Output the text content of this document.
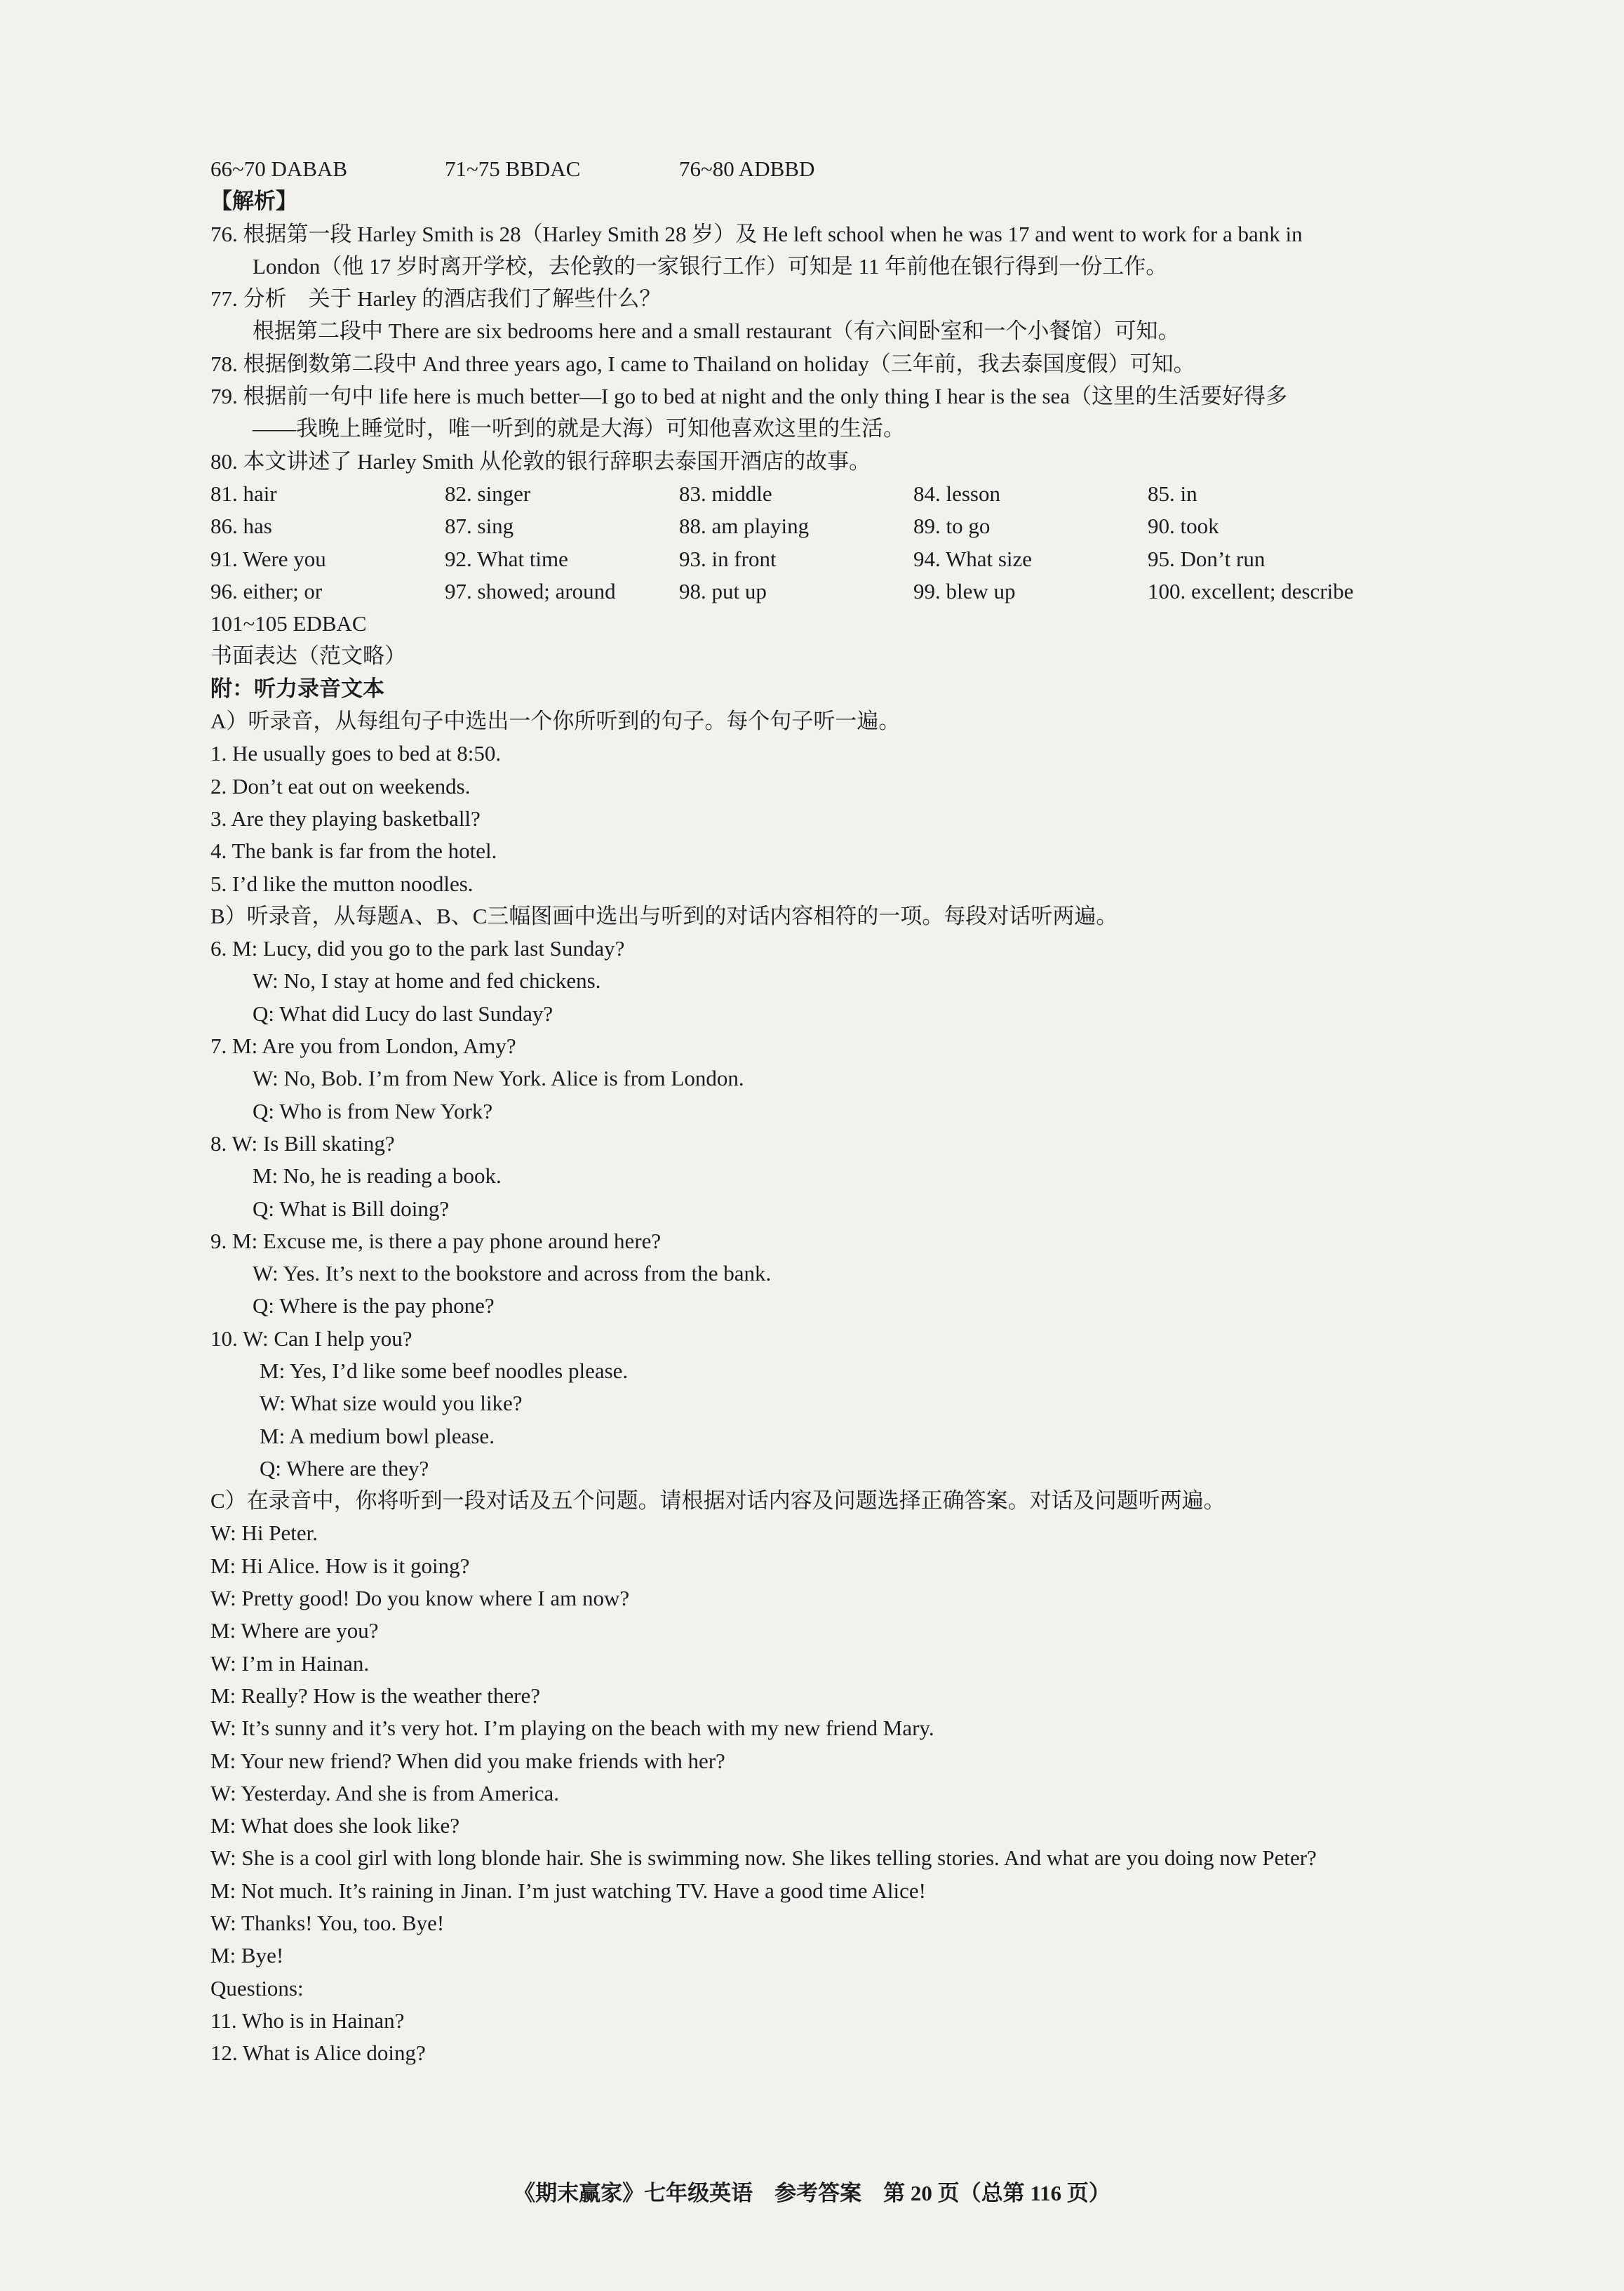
66~70 DABAB	71~75 BBDAC	76~80 ADBBD
【解析】
76. 根据第一段 Harley Smith is 28（Harley Smith 28 岁）及 He left school when he was 17 and went to work for a bank in
London（他 17 岁时离开学校，去伦敦的一家银行工作）可知是 11 年前他在银行得到一份工作。
77. 分析　关于 Harley 的酒店我们了解些什么？
根据第二段中 There are six bedrooms here and a small restaurant（有六间卧室和一个小餐馆）可知。
78. 根据倒数第二段中 And three years ago, I came to Thailand on holiday（三年前，我去泰国度假）可知。
79. 根据前一句中 life here is much better—I go to bed at night and the only thing I hear is the sea（这里的生活要好得多
——我晚上睡觉时，唯一听到的就是大海）可知他喜欢这里的生活。
80. 本文讲述了 Harley Smith 从伦敦的银行辞职去泰国开酒店的故事。
81. hair	82. singer	83. middle	84. lesson	85. in
86. has	87. sing	88. am playing	89. to go	90. took
91. Were you	92. What time	93. in front	94. What size	95. Don’t run
96. either; or	97. showed; around	98. put up	99. blew up	100. excellent; describe
101~105 EDBAC
书面表达（范文略）
附：听力录音文本
A）听录音，从每组句子中选出一个你所听到的句子。每个句子听一遍。
1. He usually goes to bed at 8:50.
2. Don’t eat out on weekends.
3. Are they playing basketball?
4. The bank is far from the hotel.
5. I’d like the mutton noodles.
B）听录音，从每题A、B、C三幅图画中选出与听到的对话内容相符的一项。每段对话听两遍。
6. M: Lucy, did you go to the park last Sunday?
W: No, I stay at home and fed chickens.
Q: What did Lucy do last Sunday?
7. M: Are you from London, Amy?
W: No, Bob. I’m from New York. Alice is from London.
Q: Who is from New York?
8. W: Is Bill skating?
M: No, he is reading a book.
Q: What is Bill doing?
9. M: Excuse me, is there a pay phone around here?
W: Yes. It’s next to the bookstore and across from the bank.
Q: Where is the pay phone?
10. W: Can I help you?
M: Yes, I’d like some beef noodles please.
W: What size would you like?
M: A medium bowl please.
Q: Where are they?
C）在录音中，你将听到一段对话及五个问题。请根据对话内容及问题选择正确答案。对话及问题听两遍。
W: Hi Peter.
M: Hi Alice. How is it going?
W: Pretty good! Do you know where I am now?
M: Where are you?
W: I’m in Hainan.
M: Really? How is the weather there?
W: It’s sunny and it’s very hot. I’m playing on the beach with my new friend Mary.
M: Your new friend? When did you make friends with her?
W: Yesterday. And she is from America.
M: What does she look like?
W: She is a cool girl with long blonde hair. She is swimming now. She likes telling stories. And what are you doing now Peter?
M: Not much. It’s raining in Jinan. I’m just watching TV. Have a good time Alice!
W: Thanks! You, too. Bye!
M: Bye!
Questions:
11. Who is in Hainan?
12. What is Alice doing?
《期末赢家》七年级英语　参考答案　第 20 页（总第 116 页）
